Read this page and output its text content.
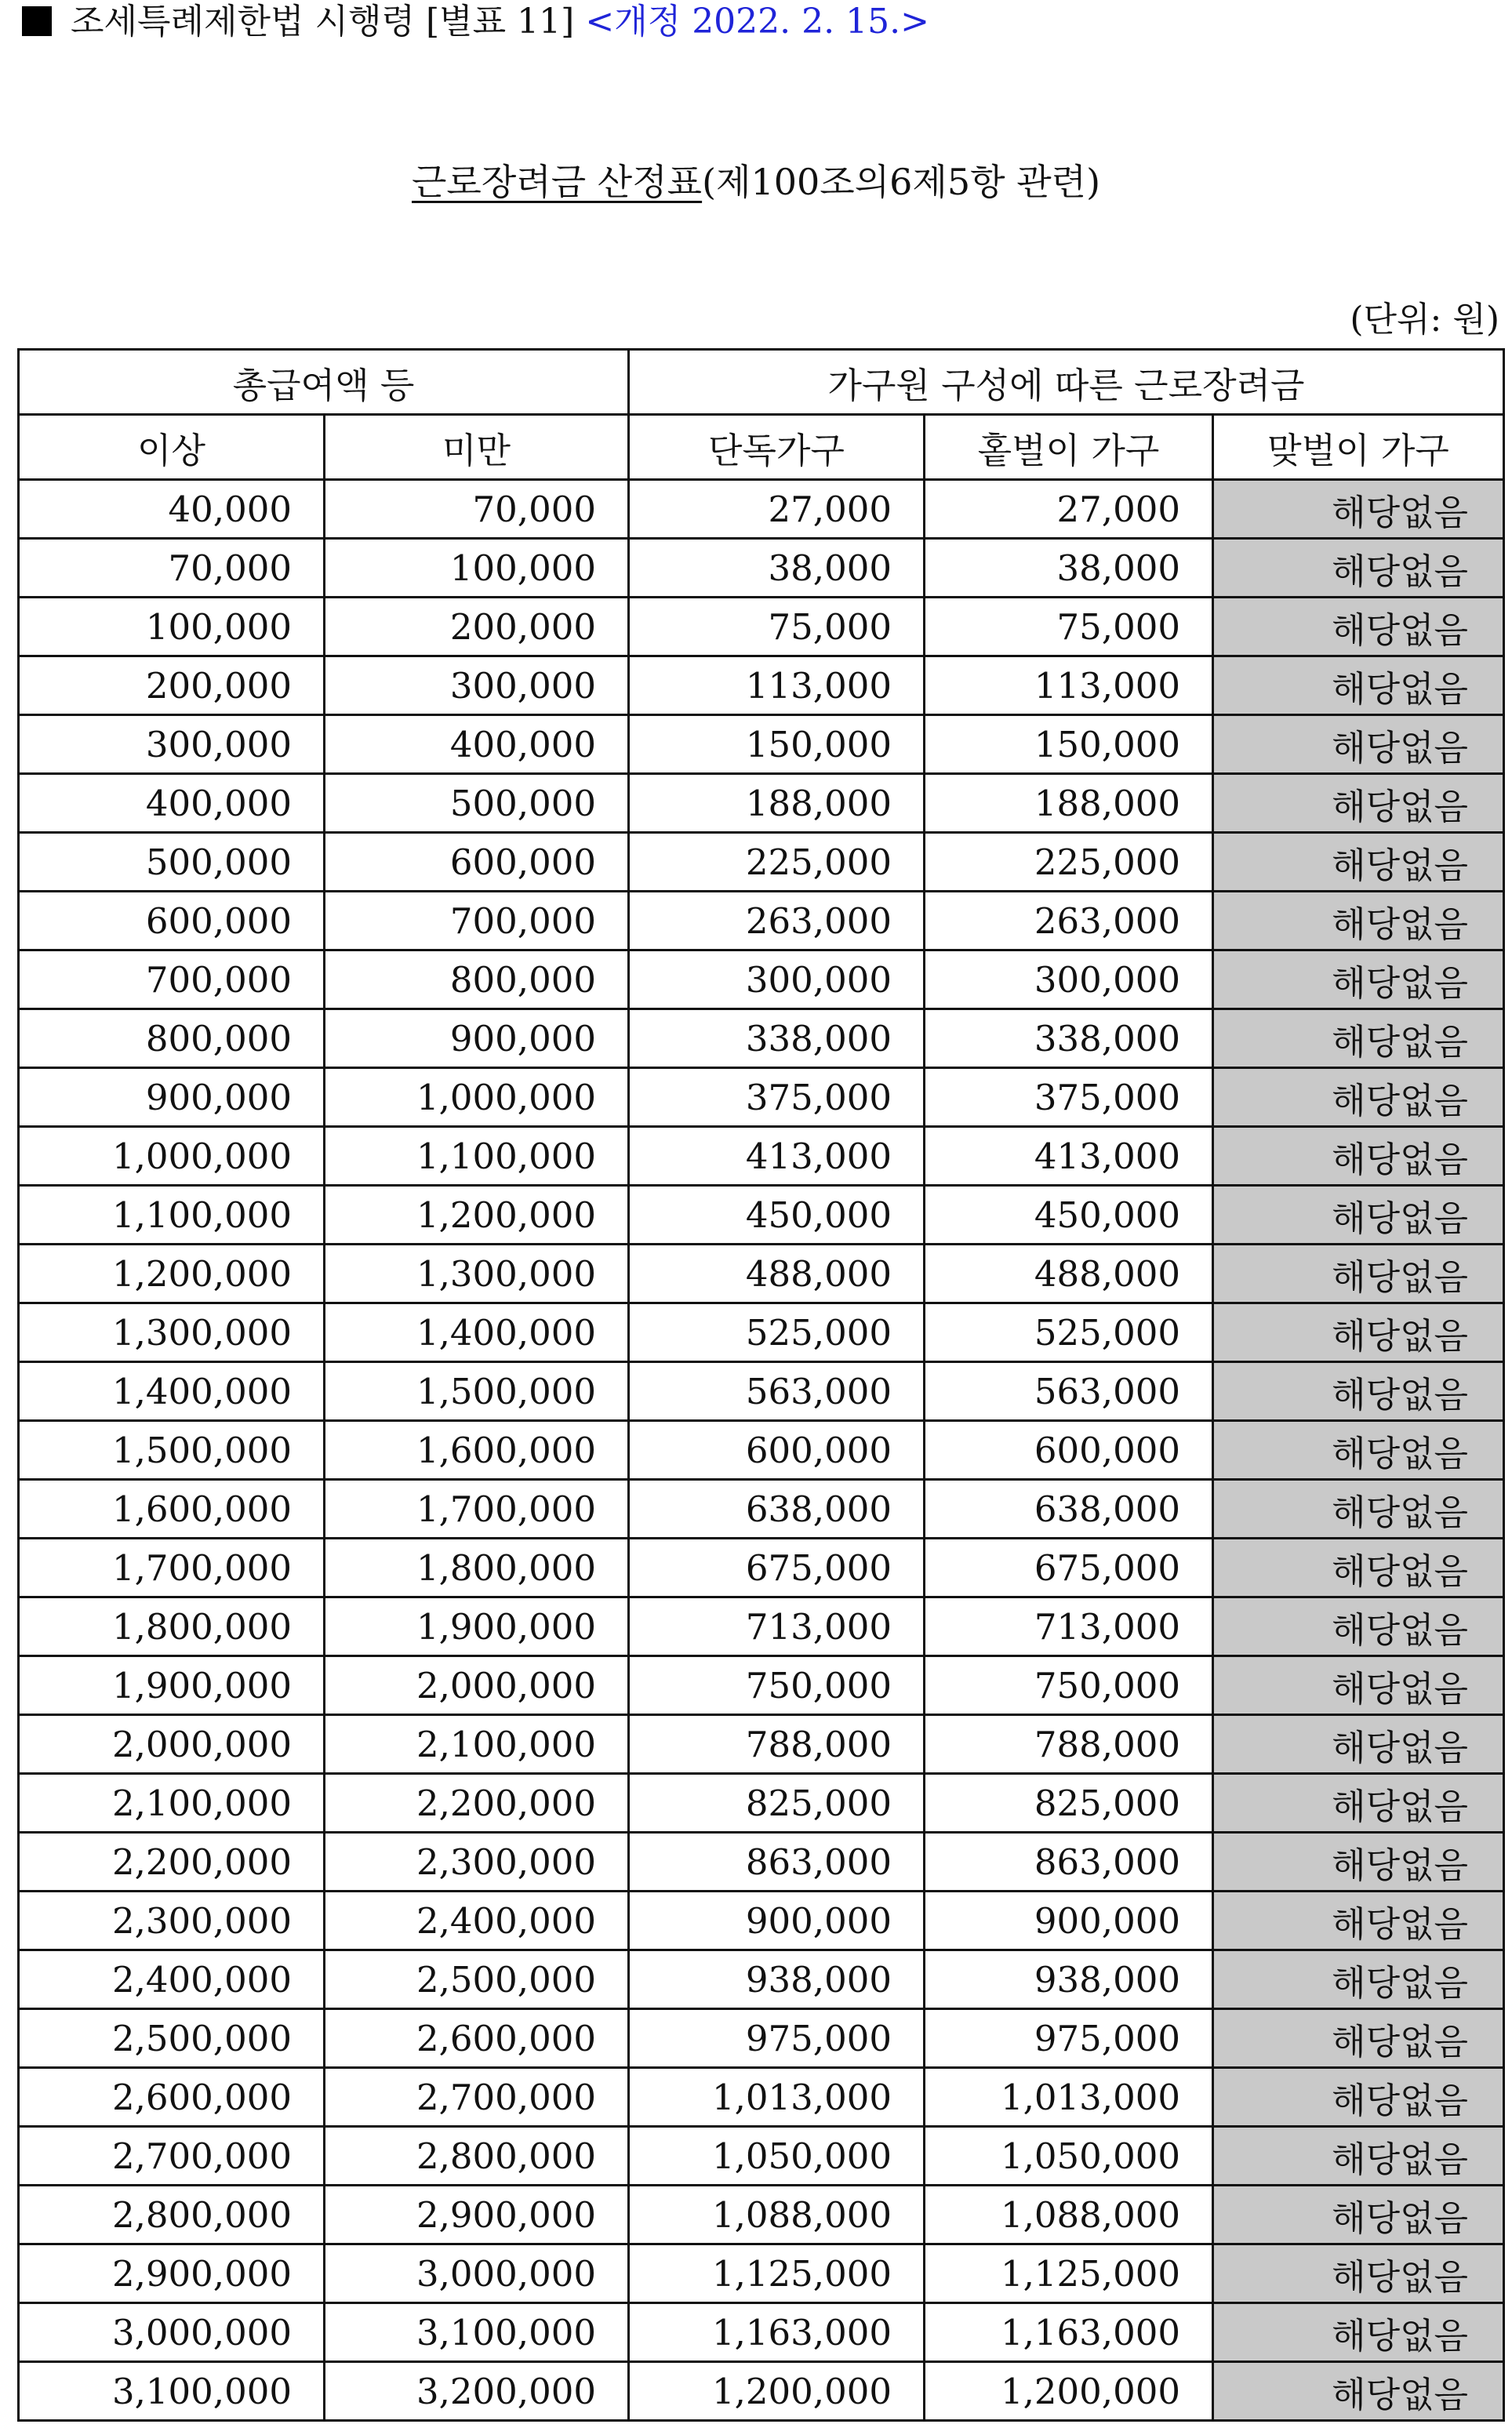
조세특례제한법 시행령 [별표 11] <개정 2022. 2. 15.>
근로장려금 산정표(제100조의6제5항 관련)
(단위: 원)
총급여액 등		가구원 구성에 따른 근로장려금		
이상	미만	단독가구	홑벌이 가구	맞벌이 가구
40,000	70,000	27,000	27,000	해당없음
70,000	100,000	38,000	38,000	해당없음
100,000	200,000	75,000	75,000	해당없음
200,000	300,000	113,000	113,000	해당없음
300,000	400,000	150,000	150,000	해당없음
400,000	500,000	188,000	188,000	해당없음
500,000	600,000	225,000	225,000	해당없음
600,000	700,000	263,000	263,000	해당없음
700,000	800,000	300,000	300,000	해당없음
800,000	900,000	338,000	338,000	해당없음
900,000	1,000,000	375,000	375,000	해당없음
1,000,000	1,100,000	413,000	413,000	해당없음
1,100,000	1,200,000	450,000	450,000	해당없음
1,200,000	1,300,000	488,000	488,000	해당없음
1,300,000	1,400,000	525,000	525,000	해당없음
1,400,000	1,500,000	563,000	563,000	해당없음
1,500,000	1,600,000	600,000	600,000	해당없음
1,600,000	1,700,000	638,000	638,000	해당없음
1,700,000	1,800,000	675,000	675,000	해당없음
1,800,000	1,900,000	713,000	713,000	해당없음
1,900,000	2,000,000	750,000	750,000	해당없음
2,000,000	2,100,000	788,000	788,000	해당없음
2,100,000	2,200,000	825,000	825,000	해당없음
2,200,000	2,300,000	863,000	863,000	해당없음
2,300,000	2,400,000	900,000	900,000	해당없음
2,400,000	2,500,000	938,000	938,000	해당없음
2,500,000	2,600,000	975,000	975,000	해당없음
2,600,000	2,700,000	1,013,000	1,013,000	해당없음
2,700,000	2,800,000	1,050,000	1,050,000	해당없음
2,800,000	2,900,000	1,088,000	1,088,000	해당없음
2,900,000	3,000,000	1,125,000	1,125,000	해당없음
3,000,000	3,100,000	1,163,000	1,163,000	해당없음
3,100,000	3,200,000	1,200,000	1,200,000	해당없음
